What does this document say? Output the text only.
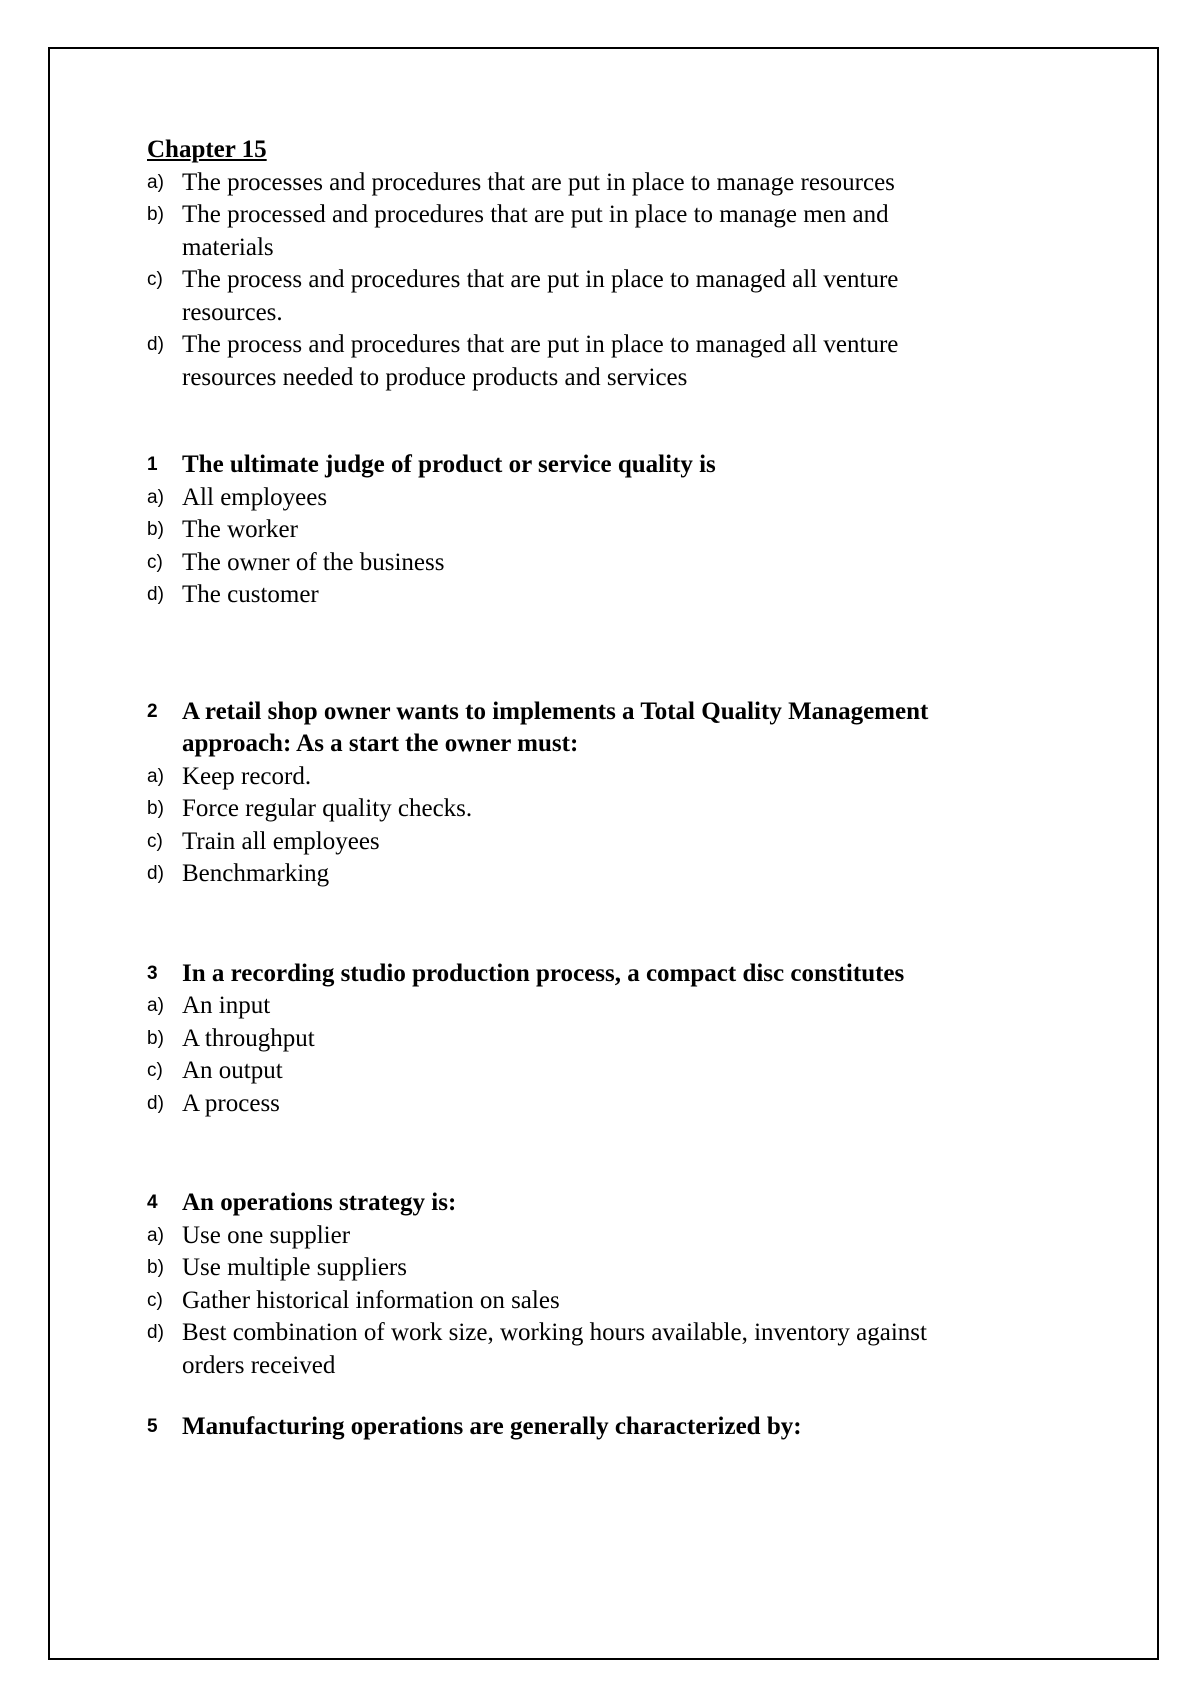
Chapter 15

a) The processes and procedures that are put in place to manage resources
b) The processed and procedures that are put in place to manage men and materials
c) The process and procedures that are put in place to managed all venture resources.
d) The process and procedures that are put in place to managed all venture resources needed to produce products and services
1 The ultimate judge of product or service quality is
a) All employees
b) The worker
c) The owner of the business
d) The customer
2 A retail shop owner wants to implements a Total Quality Management approach: As a start the owner must:
a) Keep record.
b) Force regular quality checks.
c) Train all employees
d) Benchmarking
3 In a recording studio production process, a compact disc constitutes
a) An input
b) A throughput
c) An output
d) A process
4 An operations strategy is:
a) Use one supplier
b) Use multiple suppliers
c) Gather historical information on sales
d) Best combination of work size, working hours available, inventory against orders received
5 Manufacturing operations are generally characterized by:
